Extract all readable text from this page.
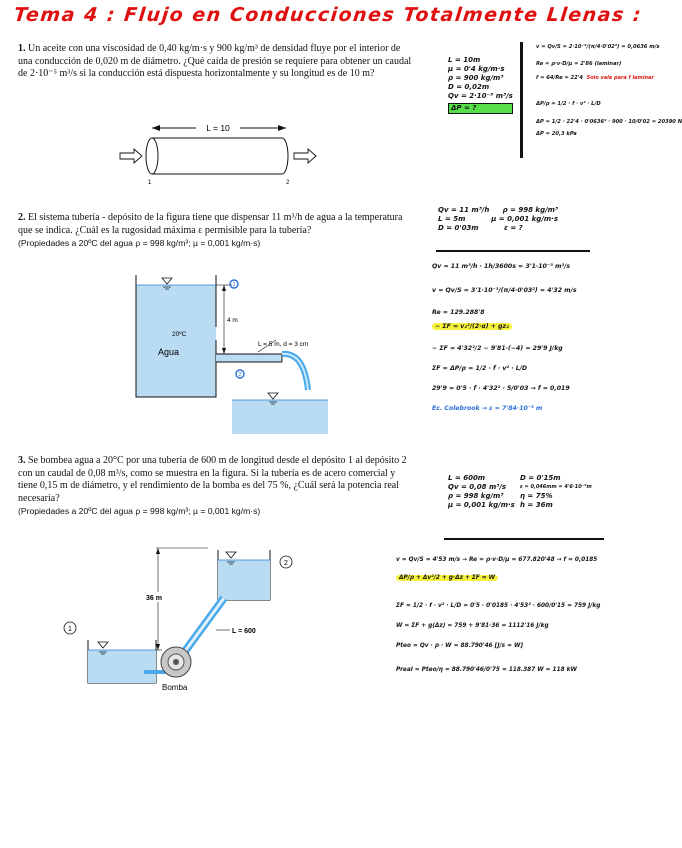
Tema 4 : Flujo en Conducciones Totalmente Llenas :
1. Un aceite con una viscosidad de 0,40 kg/m·s y 900 kg/m³ de densidad fluye por el interior de una conducción de 0,020 m de diámetro. ¿Qué caída de presión se requiere para obtener un caudal de 2·10⁻⁵ m³/s si la conducción está dispuesta horizontalmente y su longitud es de 10 m?
L = 10
1	2
L = 10m
µ = 0'4 kg/m·s
ρ = 900 kg/m³
D = 0,02m
Qv = 2·10⁻⁵ m³/s
ΔP = ?
v = Qv/S = 2·10⁻⁵/(π/4·0'02²) = 0,0636 m/s
Re = ρ·v·D/µ = 2'86 (laminar)
f = 64/Re = 22'4 Solo vale para f laminar
ΔP/ρ = 1/2 · f · v² · L/D
ΔP = 1/2 · 22'4 · 0'0636² · 900 · 10/0'02 = 20390 N
ΔP = 20,3 kPa
2. El sistema tubería - depósito de la figura tiene que dispensar 11 m³/h de agua a la temperatura que se indica. ¿Cuál es la rugosidad máxima ε permisible para la tubería?
(Propiedades a 20ºC del agua ρ = 998 kg/m³; µ = 0,001 kg/m·s)
4 m
20ºC
Agua
L = 5 m, d = 3 cm
1
2
Qv = 11 m³/h	ρ = 998 kg/m³
L = 5m	µ = 0,001 kg/m·s
D = 0'03m	ε = ?
Qv = 11 m³/h · 1h/3600s = 3'1·10⁻³ m³/s
v = Qv/S = 3'1·10⁻³/(π/4·0'03²) = 4'32 m/s
Re = 129.288'8
− ΣF = v₂²/(2·α) + gz₂
− ΣF = 4'32²/2 − 9'81·(−4) = 29'9 J/kg
ΣF = ΔP/ρ = 1/2 · f · v² · L/D
29'9 = 0'5 · f · 4'32² · 5/0'03 → f = 0,019
Ec. Colebrook → ε = 7'84·10⁻⁵ m
3. Se bombea agua a 20°C por una tubería de 600 m de longitud desde el depósito 1 al depósito 2 con un caudal de 0,08 m³/s, como se muestra en la figura. Si la tubería es de acero comercial y tiene 0,15 m de diámetro, y el rendimiento de la bomba es del 75 %, ¿Cuál será la potencia real necesaria?
(Propiedades a 20ºC del agua ρ = 998 kg/m³; µ = 0,001 kg/m·s)
2
1
36 m
L = 600
Bomba
L = 600m	D = 0'15m
Qv = 0,08 m³/s	ε = 0,046mm = 4'6·10⁻⁵m
ρ = 998 kg/m³	η = 75%
µ = 0,001 kg/m·s h = 36m
v = Qv/S = 4'53 m/s → Re = ρ·v·D/µ = 677.820'48 → f = 0,0185
ΔP/ρ + Δv²/2 + g·Δz + ΣF = W
ΣF = 1/2 · f · v² · L/D = 0'5 · 0'0185 · 4'53² · 600/0'15 = 759 J/kg
W = ΣF + g(Δz) = 759 + 9'81·36 = 1112'16 J/kg
Pteo = Qv · ρ · W = 88.790'46 [J/s = W]
Preal = Pteo/η = 88.790'46/0'75 = 118.387 W = 118 kW
